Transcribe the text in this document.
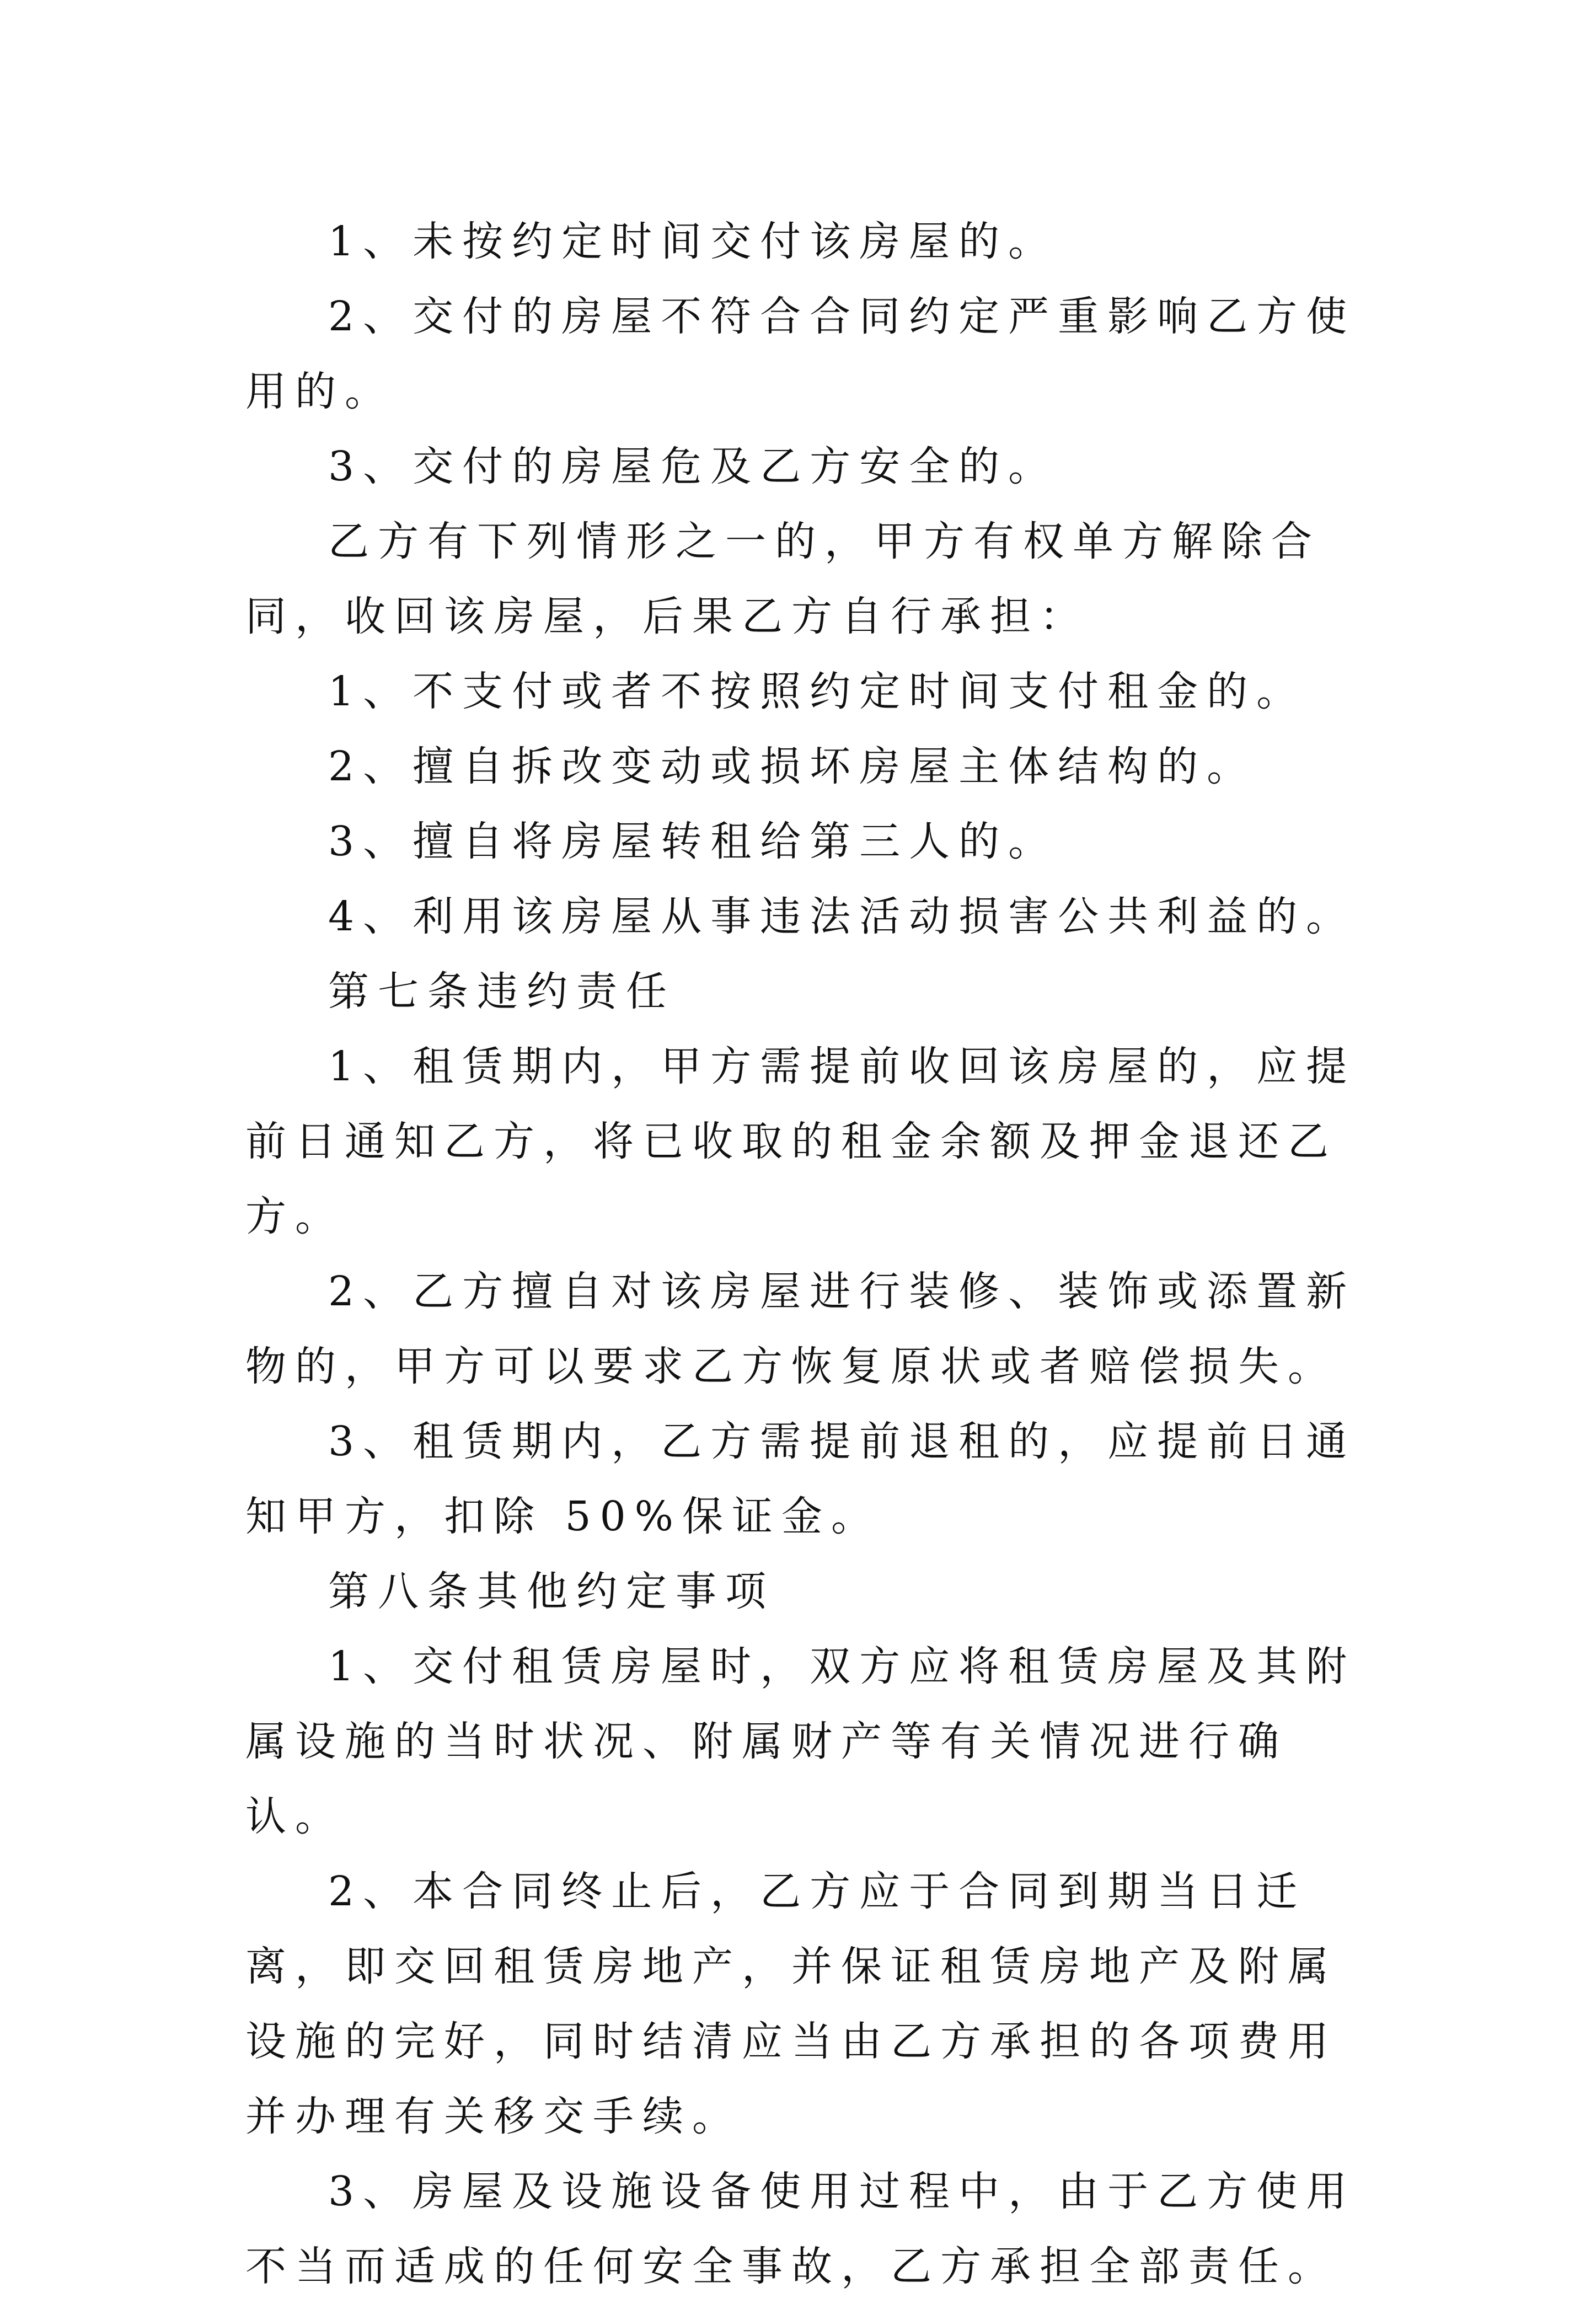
1、未按约定时间交付该房屋的。

2、交付的房屋不符合合同约定严重影响乙方使用的。

3、交付的房屋危及乙方安全的。

乙方有下列情形之一的，甲方有权单方解除合同，收回该房屋，后果乙方自行承担：

1、不支付或者不按照约定时间支付租金的。

2、擅自拆改变动或损坏房屋主体结构的。

3、擅自将房屋转租给第三人的。

4、利用该房屋从事违法活动损害公共利益的。

第七条违约责任

1、租赁期内，甲方需提前收回该房屋的，应提前日通知乙方，将已收取的租金余额及押金退还乙方。

2、乙方擅自对该房屋进行装修、装饰或添置新物的，甲方可以要求乙方恢复原状或者赔偿损失。

3、租赁期内，乙方需提前退租的，应提前日通知甲方，扣除 50%保证金。

第八条其他约定事项

1、交付租赁房屋时，双方应将租赁房屋及其附属设施的当时状况、附属财产等有关情况进行确认。

2、本合同终止后，乙方应于合同到期当日迁离，即交回租赁房地产，并保证租赁房地产及附属设施的完好，同时结清应当由乙方承担的各项费用并办理有关移交手续。

3、房屋及设施设备使用过程中，由于乙方使用不当而适成的任何安全事故，乙方承担全部责任。
